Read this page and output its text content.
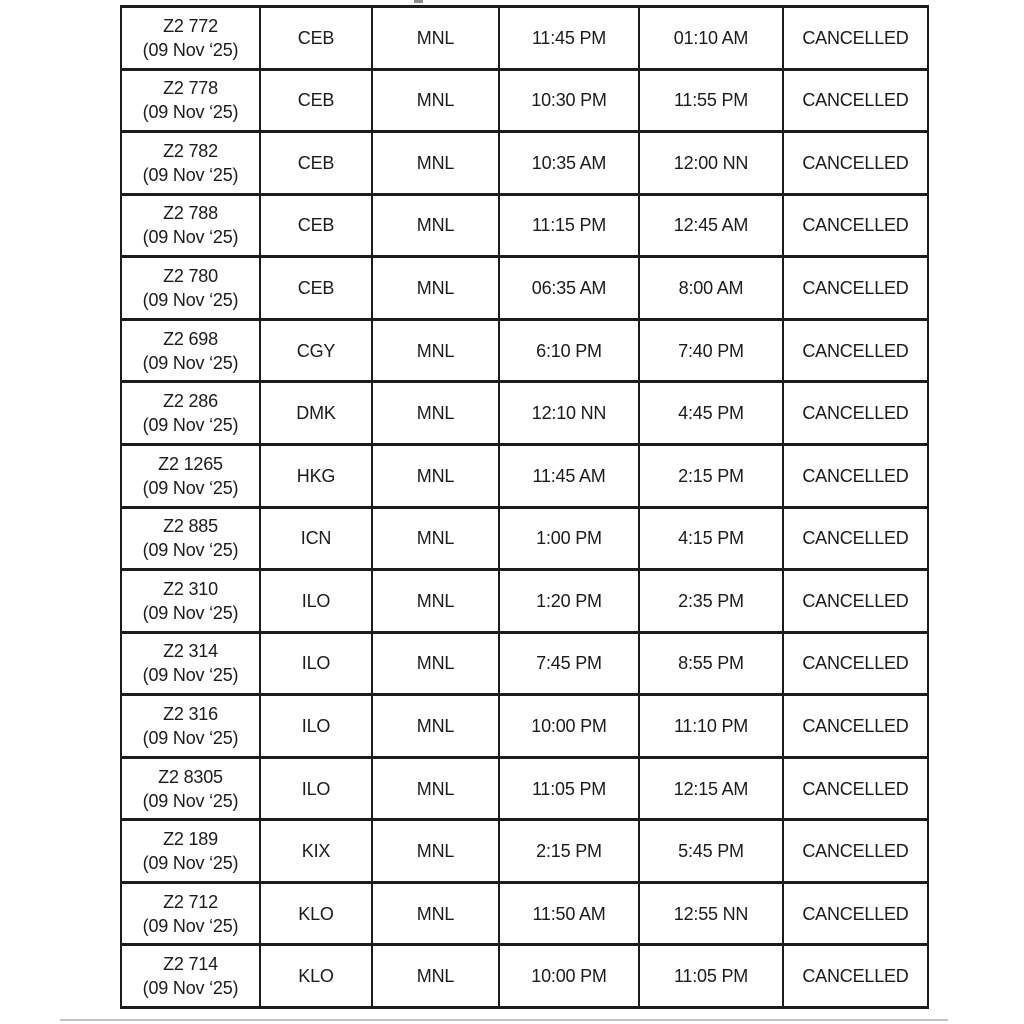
Z2 772
(09 Nov ‘25)	CEB	MNL	11:45 PM	01:10 AM	CANCELLED

Z2 778
(09 Nov ‘25)	CEB	MNL	10:30 PM	11:55 PM	CANCELLED

Z2 782
(09 Nov ‘25)	CEB	MNL	10:35 AM	12:00 NN	CANCELLED

Z2 788
(09 Nov ‘25)	CEB	MNL	11:15 PM	12:45 AM	CANCELLED

Z2 780
(09 Nov ‘25)	CEB	MNL	06:35 AM	8:00 AM	CANCELLED

Z2 698
(09 Nov ‘25)	CGY	MNL	6:10 PM	7:40 PM	CANCELLED

Z2 286
(09 Nov ‘25)	DMK	MNL	12:10 NN	4:45 PM	CANCELLED

Z2 1265
(09 Nov ‘25)	HKG	MNL	11:45 AM	2:15 PM	CANCELLED

Z2 885
(09 Nov ‘25)	ICN	MNL	1:00 PM	4:15 PM	CANCELLED

Z2 310
(09 Nov ‘25)	ILO	MNL	1:20 PM	2:35 PM	CANCELLED

Z2 314
(09 Nov ‘25)	ILO	MNL	7:45 PM	8:55 PM	CANCELLED

Z2 316
(09 Nov ‘25)	ILO	MNL	10:00 PM	11:10 PM	CANCELLED

Z2 8305
(09 Nov ‘25)	ILO	MNL	11:05 PM	12:15 AM	CANCELLED

Z2 189
(09 Nov ‘25)	KIX	MNL	2:15 PM	5:45 PM	CANCELLED

Z2 712
(09 Nov ‘25)	KLO	MNL	11:50 AM	12:55 NN	CANCELLED

Z2 714
(09 Nov ‘25)	KLO	MNL	10:00 PM	11:05 PM	CANCELLED
